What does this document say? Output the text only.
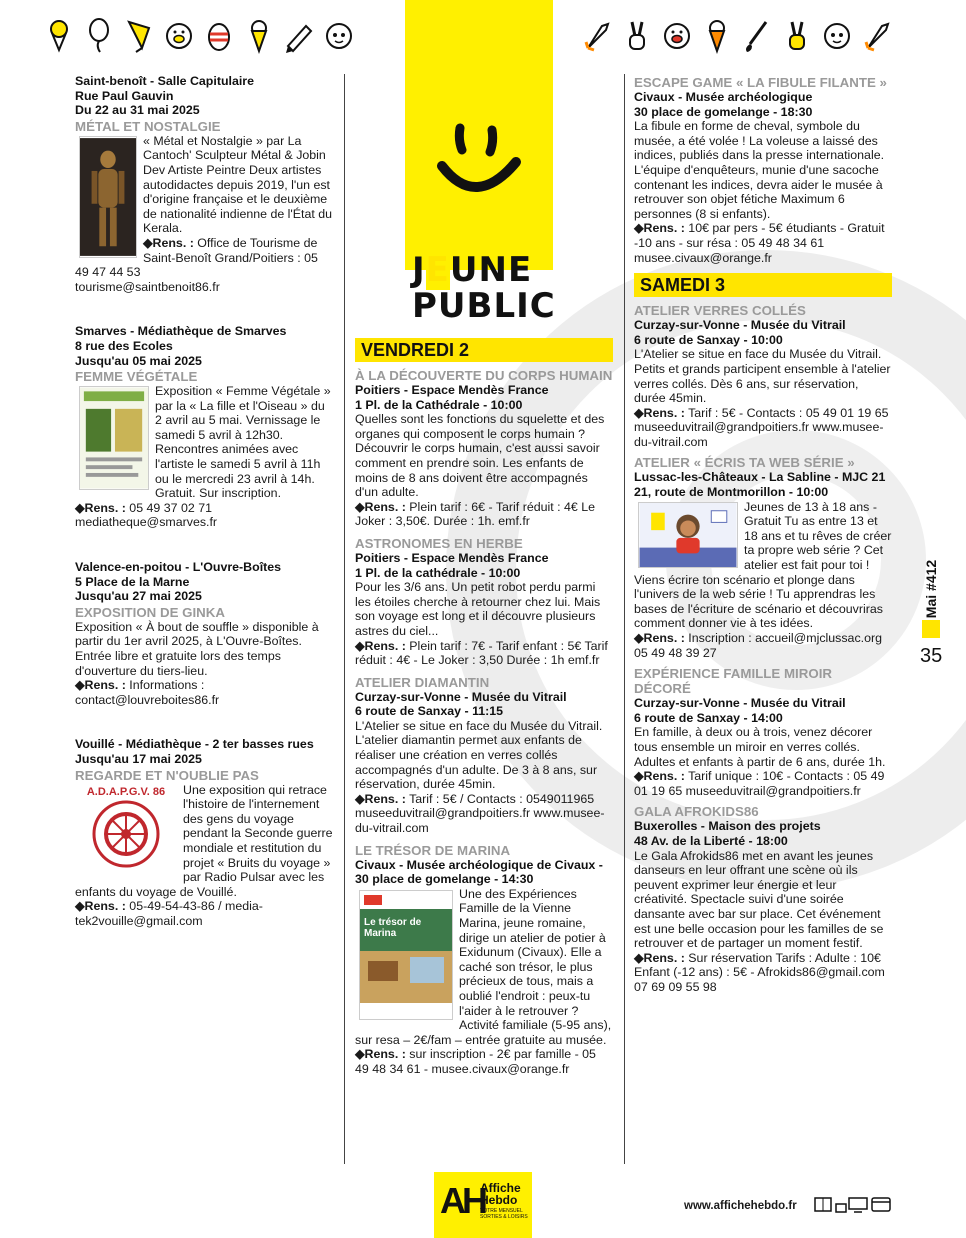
JEUNE
PUBLIC
Saint-benoît - Salle Capitulaire
Rue Paul Gauvin
Du 22 au 31 mai 2025
MÉTAL ET NOSTALGIE
« Métal et Nostalgie » par La Cantoch' Sculpteur Métal & Jobin Dev Artiste Peintre Deux artistes autodidactes depuis 2019, l'un est d'origine française et le deuxième de nationalité indienne de l'État du Kerala.
◆Rens. : Office de Tourisme de Saint-Benoît Grand/Poitiers : 05 49 47 44 53
tourisme@saintbenoit86.fr
Smarves - Médiathèque de Smarves
8 rue des Ecoles
Jusqu'au 05 mai 2025
FEMME VÉGÉTALE
Exposition « Femme Végétale » par la « La fille et l'Oiseau » du 2 avril au 5 mai. Vernissage le samedi 5 avril à 12h30. Rencontres animées avec l'artiste le samedi 5 avril à 11h ou le mercredi 23 avril à 14h. Gratuit. Sur inscription.
◆Rens. : 05 49 37 02 71
mediatheque@smarves.fr
Valence-en-poitou - L'Ouvre-Boîtes
5 Place de la Marne
Jusqu'au 27 mai 2025
EXPOSITION DE GINKA
Exposition « À bout de souffle » disponible à partir du 1er avril 2025, à L'Ouvre-Boîtes. Entrée libre et gratuite lors des temps d'ouverture du tiers-lieu.
◆Rens. : Informations :
contact@louvreboites86.fr
Vouillé - Médiathèque - 2 ter basses rues
Jusqu'au 17 mai 2025
REGARDE ET N'OUBLIE PAS
A.D.A.P.G.V. 86	Une exposition qui retrace l'histoire de l'internement des gens du voyage pendant la Seconde guerre mondiale et restitution du projet « Bruits du voyage » par Radio Pulsar avec les enfants du voyage de Vouillé.
◆Rens. : 05-49-54-43-86 / media-tek2vouille@gmail.com
VENDREDI 2
À LA DÉCOUVERTE DU CORPS HUMAIN
Poitiers - Espace Mendès France
1 Pl. de la Cathédrale - 10:00
Quelles sont les fonctions du squelette et des organes qui composent le corps humain ? Découvrir le corps humain, c'est aussi savoir comment en prendre soin. Les enfants de moins de 8 ans doivent être accompagnés d'un adulte.
◆Rens. : Plein tarif : 6€ - Tarif réduit : 4€ Le Joker : 3,50€. Durée : 1h. emf.fr
ASTRONOMES EN HERBE
Poitiers - Espace Mendès France
1 Pl. de la cathédrale - 10:00
Pour les 3/6 ans. Un petit robot perdu parmi les étoiles cherche à retourner chez lui. Mais son voyage est long et il découvre plusieurs astres du ciel...
◆Rens. : Plein tarif : 7€ - Tarif enfant : 5€ Tarif réduit : 4€ - Le Joker : 3,50 Durée : 1h emf.fr
ATELIER DIAMANTIN
Curzay-sur-Vonne - Musée du Vitrail
6 route de Sanxay - 11:15
L'Atelier se situe en face du Musée du Vitrail. L'atelier diamantin permet aux enfants de réaliser une création en verres collés accompagnés d'un adulte. De 3 à 8 ans, sur réservation, durée 45min.
◆Rens. : Tarif : 5€ / Contacts : 0549011965 museeduvitrail@grandpoitiers.fr www.musee-du-vitrail.com
LE TRÉSOR DE MARINA
Civaux - Musée archéologique de Civaux -
30 place de gomelange - 14:30
Le trésor de Marina
Une des Expériences Famille de la Vienne Marina, jeune romaine, dirige un atelier de potier à Exidunum (Civaux). Elle a caché son trésor, le plus précieux de tous, mais a oublié l'endroit : peux-tu l'aider à le retrouver ? Activité familiale (5-95 ans), sur resa – 2€/fam – entrée gratuite au musée.
◆Rens. : sur inscription - 2€ par famille - 05 49 48 34 61 - musee.civaux@orange.fr
ESCAPE GAME « LA FIBULE FILANTE »
Civaux - Musée archéologique
30 place de gomelange - 18:30
La fibule en forme de cheval, symbole du musée, a été volée ! La voleuse a laissé des indices, publiés dans la presse internationale. L'équipe d'enquêteurs, munie d'une sacoche contenant les indices, devra aider le musée à retrouver son objet fétiche Maximum 6 personnes (8 si enfants).
◆Rens. : 10€ par pers - 5€ étudiants - Gratuit -10 ans - sur résa : 05 49 48 34 61 musee.civaux@orange.fr
SAMEDI 3
ATELIER VERRES COLLÉS
Curzay-sur-Vonne - Musée du Vitrail
6 route de Sanxay - 10:00
L'Atelier se situe en face du Musée du Vitrail. Petits et grands participent ensemble à l'atelier verres collés. Dès 6 ans, sur réservation, durée 45min.
◆Rens. : Tarif : 5€ - Contacts : 05 49 01 19 65 museeduvitrail@grandpoitiers.fr www.musee-du-vitrail.com
ATELIER « ÉCRIS TA WEB SÉRIE »
Lussac-les-Châteaux - La Sabline - MJC 21
21, route de Montmorillon - 10:00
Jeunes de 13 à 18 ans - Gratuit Tu as entre 13 et 18 ans et tu rêves de créer ta propre web série ? Cet atelier est fait pour toi ! Viens écrire ton scénario et plonge dans l'univers de la web série ! Tu apprendras les bases de l'écriture de scénario et découvriras comment donner vie à tes idées.
◆Rens. : Inscription : accueil@mjclussac.org 05 49 48 39 27
EXPÉRIENCE FAMILLE MIROIR DÉCORÉ
Curzay-sur-Vonne - Musée du Vitrail
6 route de Sanxay - 14:00
En famille, à deux ou à trois, venez décorer tous ensemble un miroir en verres collés. Adultes et enfants à partir de 6 ans, durée 1h.
◆Rens. : Tarif unique : 10€ - Contacts : 05 49 01 19 65 museeduvitrail@grandpoitiers.fr
GALA AFROKIDS86
Buxerolles - Maison des projets
48 Av. de la Liberté - 18:00
Le Gala Afrokids86 met en avant les jeunes danseurs en leur offrant une scène où ils peuvent exprimer leur énergie et leur créativité. Spectacle suivi d'une soirée dansante avec bar sur place. Cet événement est une belle occasion pour les familles de se retrouver et de partager un moment festif.
◆Rens. : Sur réservation Tarifs : Adulte : 10€ Enfant (-12 ans) : 5€ - Afrokids86@gmail.com 07 69 09 55 98
Mai #412
35
AH
Affiche
Hebdo
VOTRE MENSUEL SORTIES & LOISIRS
www.affichehebdo.fr
